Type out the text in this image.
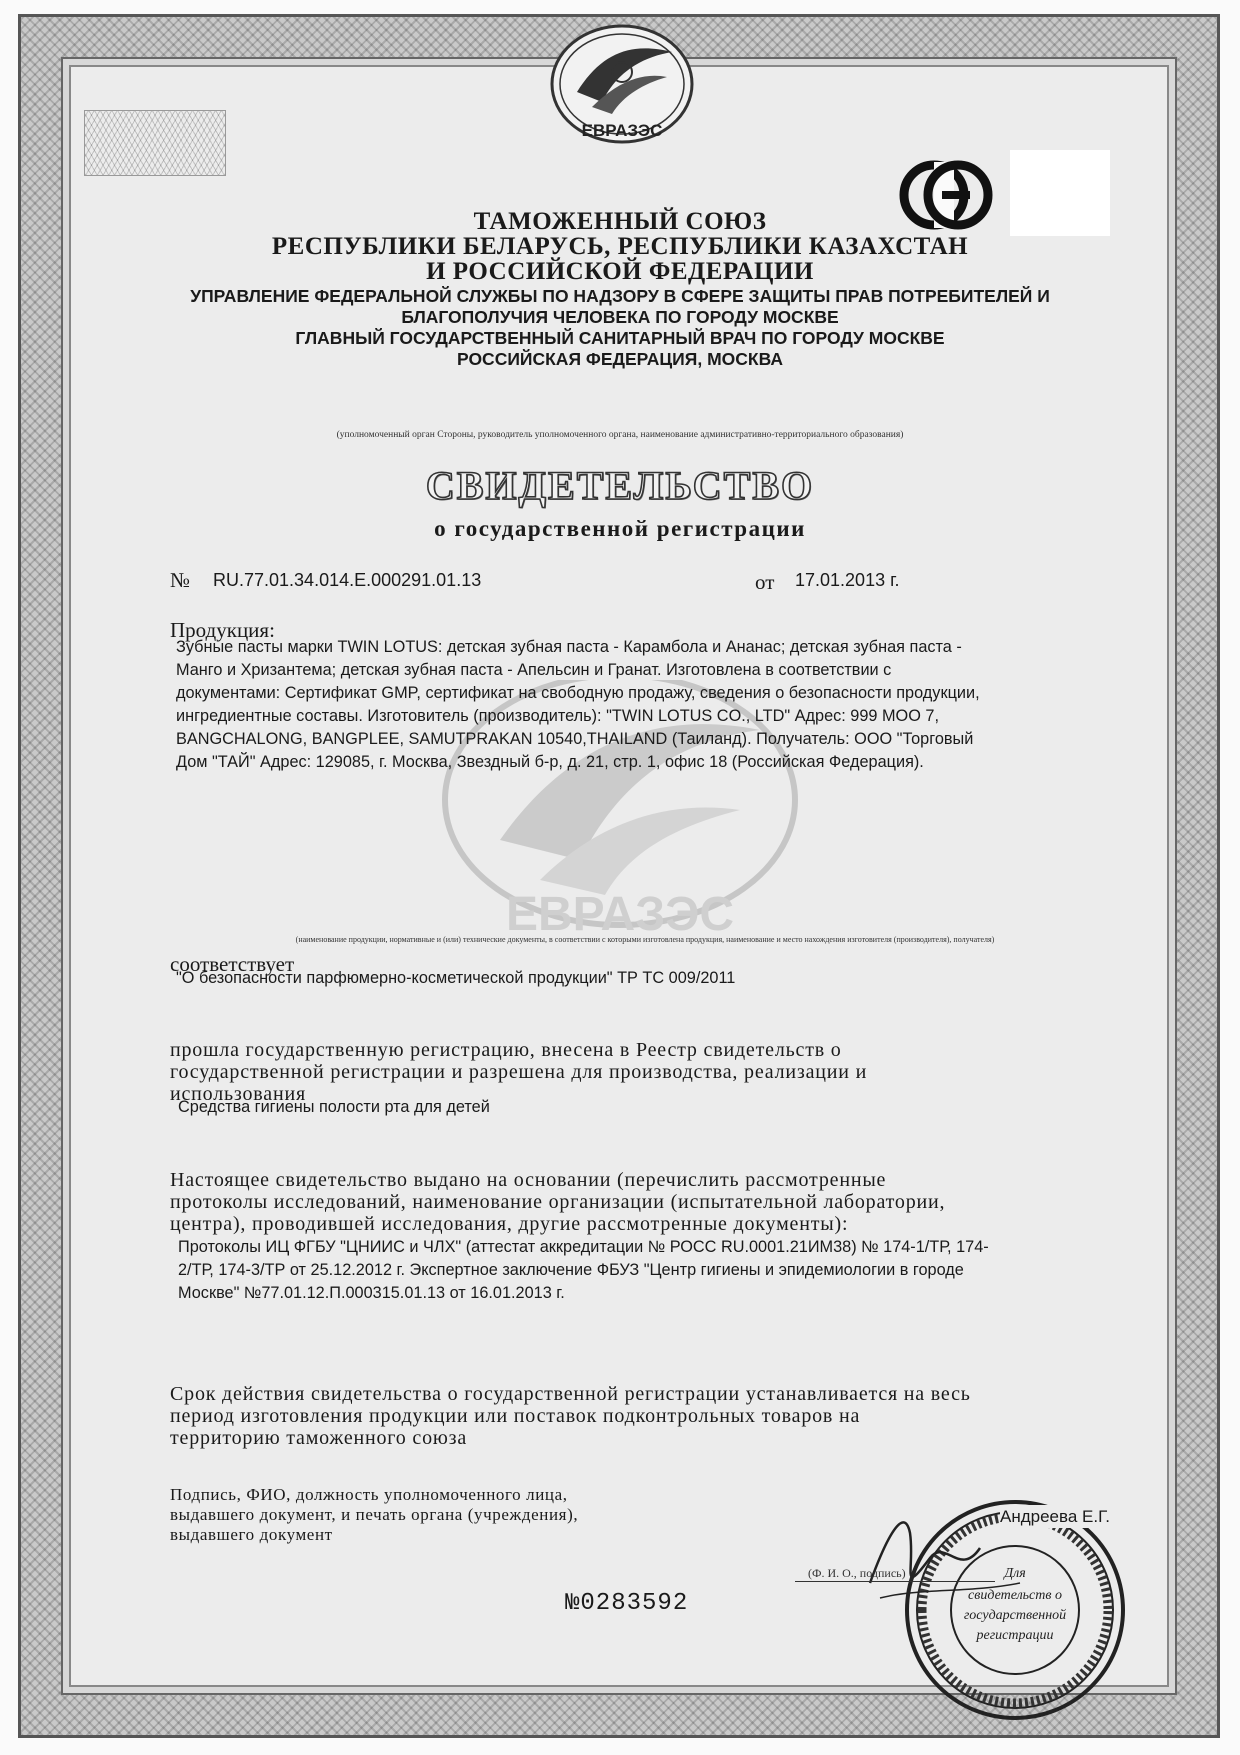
ЕВРАЗЭС
ЕВРАЗЭС
ТАМОЖЕННЫЙ СОЮЗ
РЕСПУБЛИКИ БЕЛАРУСЬ, РЕСПУБЛИКИ КАЗАХСТАН
И РОССИЙСКОЙ ФЕДЕРАЦИИ
УПРАВЛЕНИЕ ФЕДЕРАЛЬНОЙ СЛУЖБЫ ПО НАДЗОРУ В СФЕРЕ ЗАЩИТЫ ПРАВ ПОТРЕБИТЕЛЕЙ И
БЛАГОПОЛУЧИЯ ЧЕЛОВЕКА ПО ГОРОДУ МОСКВЕ
ГЛАВНЫЙ ГОСУДАРСТВЕННЫЙ САНИТАРНЫЙ ВРАЧ ПО ГОРОДУ МОСКВЕ
РОССИЙСКАЯ ФЕДЕРАЦИЯ, МОСКВА
(уполномоченный орган Стороны, руководитель уполномоченного органа, наименование административно-территориального образования)
СВИДЕТЕЛЬСТВО
о государственной регистрации
№ RU.77.01.34.014.Е.000291.01.13	от 17.01.2013 г.
Продукция:
Зубные пасты марки TWIN LOTUS: детская зубная паста - Карамбола и Ананас; детская зубная паста -
Манго и Хризантема; детская зубная паста - Апельсин и Гранат. Изготовлена в соответствии с
документами: Сертификат GMP, сертификат на свободную продажу, сведения о безопасности продукции,
ингредиентные составы. Изготовитель (производитель): "TWIN LOTUS CO., LTD" Адрес: 999 MOO 7,
BANGCHALONG, BANGPLEE, SAMUTPRAKAN 10540,THAILAND (Таиланд). Получатель: ООО "Торговый
Дом "ТАЙ" Адрес: 129085, г. Москва, Звездный б-р, д. 21, стр. 1, офис 18 (Российская Федерация).
(наименование продукции, нормативные и (или) технические документы, в соответствии с которыми изготовлена продукция, наименование и место нахождения изготовителя (производителя), получателя)
соответствует
"О безопасности парфюмерно-косметической продукции" ТР ТС 009/2011
прошла государственную регистрацию, внесена в Реестр свидетельств о
государственной регистрации и разрешена для производства, реализации и
использования
Средства гигиены полости рта для детей
Настоящее свидетельство выдано на основании (перечислить рассмотренные
протоколы исследований, наименование организации (испытательной лаборатории,
центра), проводившей исследования, другие рассмотренные документы):
Протоколы ИЦ ФГБУ "ЦНИИС и ЧЛХ" (аттестат аккредитации № РОСС RU.0001.21ИМ38) № 174-1/ТР, 174-
2/ТР, 174-3/ТР от 25.12.2012 г. Экспертное заключение ФБУЗ "Центр гигиены и эпидемиологии в городе
Москве" №77.01.12.П.000315.01.13 от 16.01.2013 г.
Срок действия свидетельства о государственной регистрации устанавливается на весь
период изготовления продукции или поставок подконтрольных товаров на
территорию таможенного союза
Подпись, ФИО, должность уполномоченного лица,
выдавшего документ, и печать органа (учреждения),
выдавшего документ
Для
свидетельств о
государственной
регистрации
Андреева Е.Г.
(Ф. И. О., подпись)
№0283592
